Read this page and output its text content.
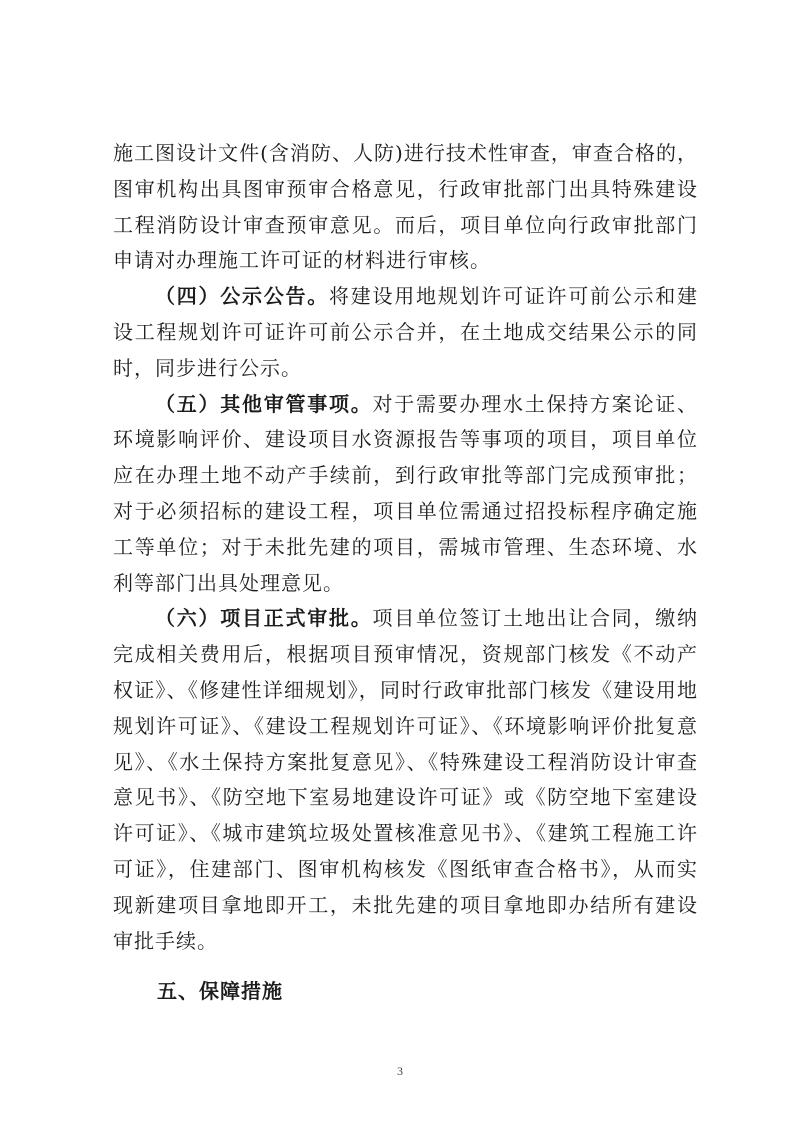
施工图设计文件(含消防、人防)进行技术性审查，审查合格的，图审机构出具图审预审合格意见，行政审批部门出具特殊建设工程消防设计审查预审意见。而后，项目单位向行政审批部门申请对办理施工许可证的材料进行审核。

（四）公示公告。将建设用地规划许可证许可前公示和建设工程规划许可证许可前公示合并，在土地成交结果公示的同时，同步进行公示。

（五）其他审管事项。对于需要办理水土保持方案论证、环境影响评价、建设项目水资源报告等事项的项目，项目单位应在办理土地不动产手续前，到行政审批等部门完成预审批；对于必须招标的建设工程，项目单位需通过招投标程序确定施工等单位；对于未批先建的项目，需城市管理、生态环境、水利等部门出具处理意见。

（六）项目正式审批。项目单位签订土地出让合同，缴纳完成相关费用后，根据项目预审情况，资规部门核发《不动产权证》、《修建性详细规划》，同时行政审批部门核发《建设用地规划许可证》、《建设工程规划许可证》、《环境影响评价批复意见》、《水土保持方案批复意见》、《特殊建设工程消防设计审查意见书》、《防空地下室易地建设许可证》或《防空地下室建设许可证》、《城市建筑垃圾处置核准意见书》、《建筑工程施工许可证》，住建部门、图审机构核发《图纸审查合格书》，从而实现新建项目拿地即开工，未批先建的项目拿地即办结所有建设审批手续。

五、保障措施
3
